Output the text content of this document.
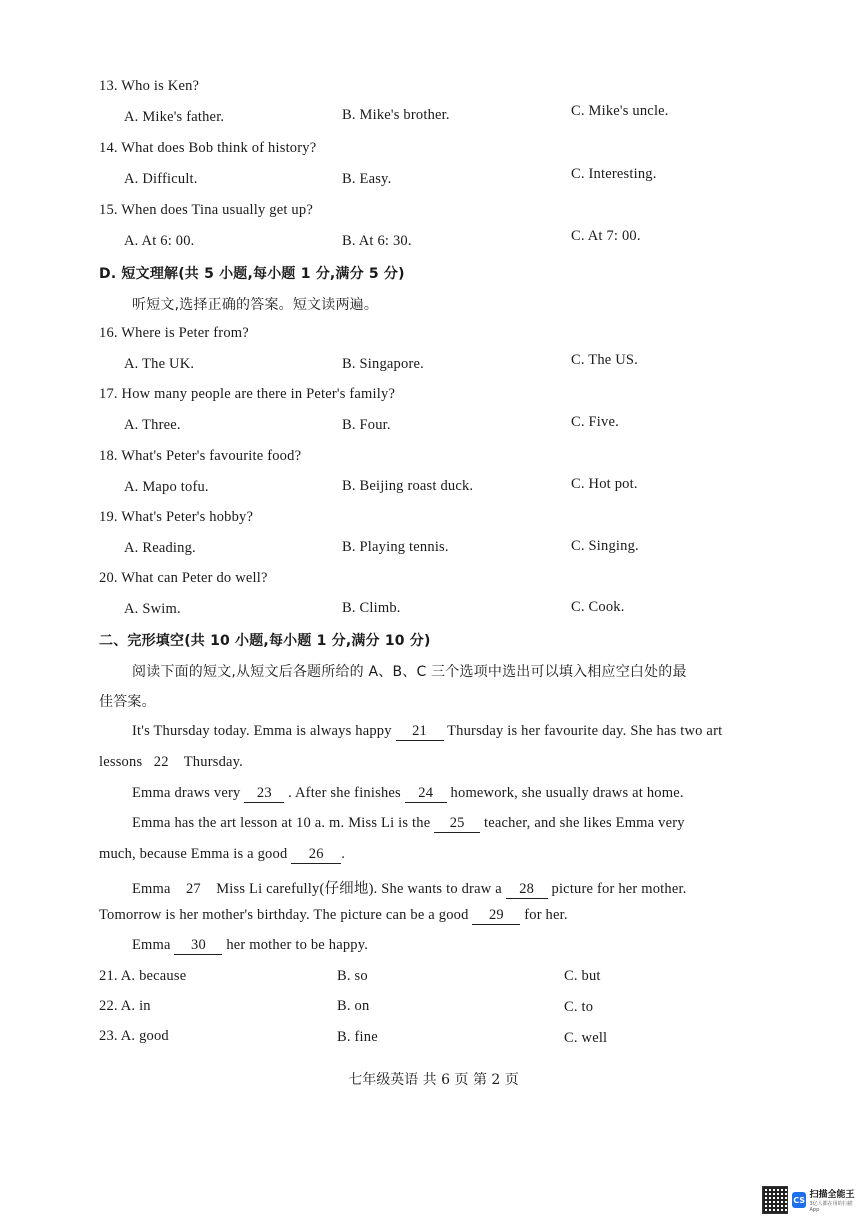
13. Who is Ken?
A. Mike's father.	B. Mike's brother.	C. Mike's uncle.
14. What does Bob think of history?
A. Difficult.	B. Easy.	C. Interesting.
15. When does Tina usually get up?
A. At 6: 00.	B. At 6: 30.	C. At 7: 00.
D. 短文理解(共 5 小题,每小题 1 分,满分 5 分)
听短文,选择正确的答案。短文读两遍。
16. Where is Peter from?
A. The UK.	B. Singapore.	C. The US.
17. How many people are there in Peter's family?
A. Three.	B. Four.	C. Five.
18. What's Peter's favourite food?
A. Mapo tofu.	B. Beijing roast duck.	C. Hot pot.
19. What's Peter's hobby?
A. Reading.	B. Playing tennis.	C. Singing.
20. What can Peter do well?
A. Swim.	B. Climb.	C. Cook.
二、完形填空(共 10 小题,每小题 1 分,满分 10 分)
阅读下面的短文,从短文后各题所给的 A、B、C 三个选项中选出可以填入相应空白处的最
佳答案。
It's Thursday today. Emma is always happy 21 Thursday is her favourite day. She has two art
lessons 22 Thursday.
Emma draws very 23 . After she finishes 24 homework, she usually draws at home.
Emma has the art lesson at 10 a. m. Miss Li is the 25 teacher, and she likes Emma very
much, because Emma is a good 26 .
Emma 27 Miss Li carefully(仔细地). She wants to draw a 28 picture for her mother.
Tomorrow is her mother's birthday. The picture can be a good 29 for her.
Emma 30 her mother to be happy.
21. A. because	B. so	C. but
22. A. in	B. on	C. to
23. A. good	B. fine	C. well
七年级英语 共 6 页 第 2 页
CS 扫描全能王
3亿人都在用的扫描App
